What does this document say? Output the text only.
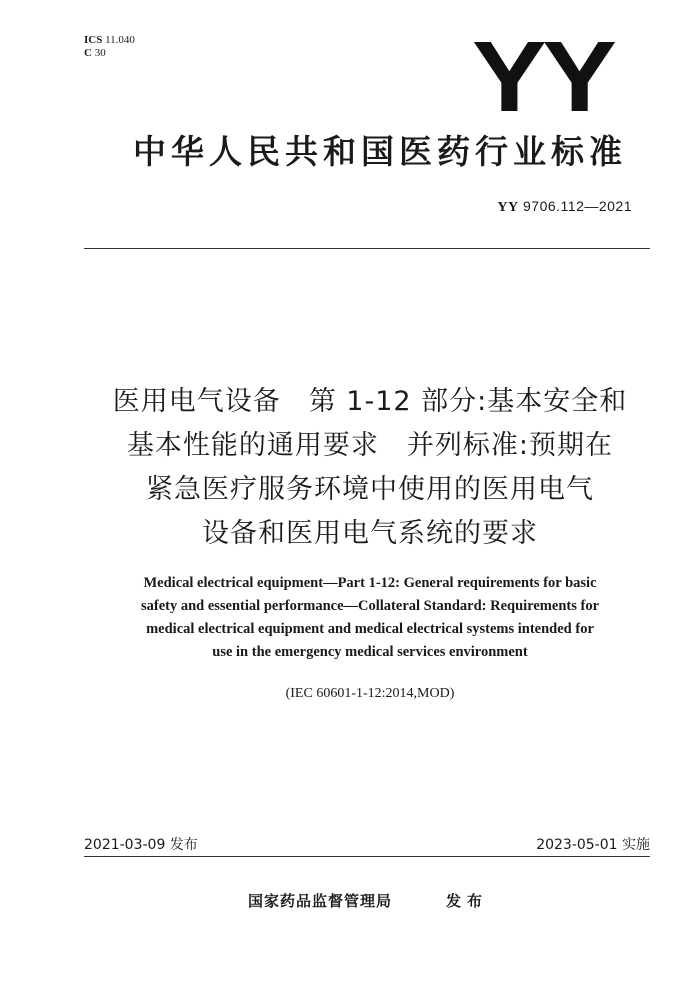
ICS 11.040
C 30	YY
中华人民共和国医药行业标准
YY 9706.112—2021
医用电气设备　第 1-12 部分:基本安全和
基本性能的通用要求　并列标准:预期在
紧急医疗服务环境中使用的医用电气
设备和医用电气系统的要求
Medical electrical equipment—Part 1-12: General requirements for basic
safety and essential performance—Collateral Standard: Requirements for
medical electrical equipment and medical electrical systems intended for
use in the emergency medical services environment
(IEC 60601-1-12:2014,MOD)
2021-03-09 发布	2023-05-01 实施
国家药品监督管理局	发布
